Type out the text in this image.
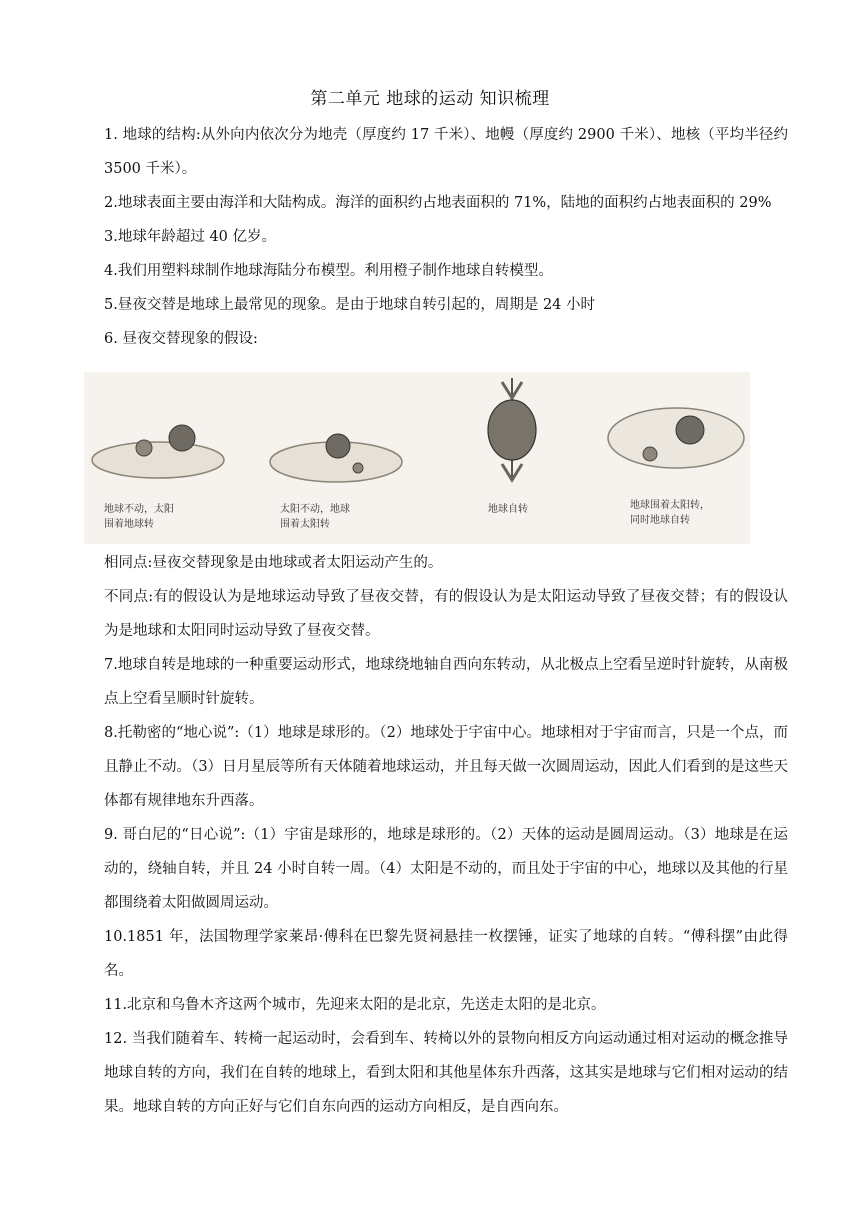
第二单元 地球的运动 知识梳理

1. 地球的结构:从外向内依次分为地壳（厚度约 17 千米）、地幔（厚度约 2900 千米）、地核（平均半径约 3500 千米）。

2.地球表面主要由海洋和大陆构成。海洋的面积约占地表面积的 71%，陆地的面积约占地表面积的 29%

3.地球年龄超过 40 亿岁。

4.我们用塑料球制作地球海陆分布模型。利用橙子制作地球自转模型。

5.昼夜交替是地球上最常见的现象。是由于地球自转引起的，周期是 24 小时

6. 昼夜交替现象的假设:

地球不动，太阳
围着地球转
太阳不动，地球
围着太阳转
地球自转	地球围着太阳转，
同时地球自转

相同点:昼夜交替现象是由地球或者太阳运动产生的。

不同点:有的假设认为是地球运动导致了昼夜交替，有的假设认为是太阳运动导致了昼夜交替；有的假设认为是地球和太阳同时运动导致了昼夜交替。

7.地球自转是地球的一种重要运动形式，地球绕地轴自西向东转动，从北极点上空看呈逆时针旋转，从南极点上空看呈顺时针旋转。

8.托勒密的“地心说”:（1）地球是球形的。（2）地球处于宇宙中心。地球相对于宇宙而言，只是一个点，而且静止不动。（3）日月星辰等所有天体随着地球运动，并且每天做一次圆周运动，因此人们看到的是这些天体都有规律地东升西落。

9. 哥白尼的“日心说”:（1）宇宙是球形的，地球是球形的。（2）天体的运动是圆周运动。（3）地球是在运动的，绕轴自转，并且 24 小时自转一周。（4）太阳是不动的，而且处于宇宙的中心，地球以及其他的行星都围绕着太阳做圆周运动。

10.1851 年，法国物理学家莱昂·傅科在巴黎先贤祠悬挂一枚摆锤，证实了地球的自转。“傅科摆”由此得名。

11.北京和乌鲁木齐这两个城市，先迎来太阳的是北京，先送走太阳的是北京。

12. 当我们随着车、转椅一起运动时，会看到车、转椅以外的景物向相反方向运动通过相对运动的概念推导地球自转的方向，我们在自转的地球上，看到太阳和其他星体东升西落，这其实是地球与它们相对运动的结果。地球自转的方向正好与它们自东向西的运动方向相反，是自西向东。
